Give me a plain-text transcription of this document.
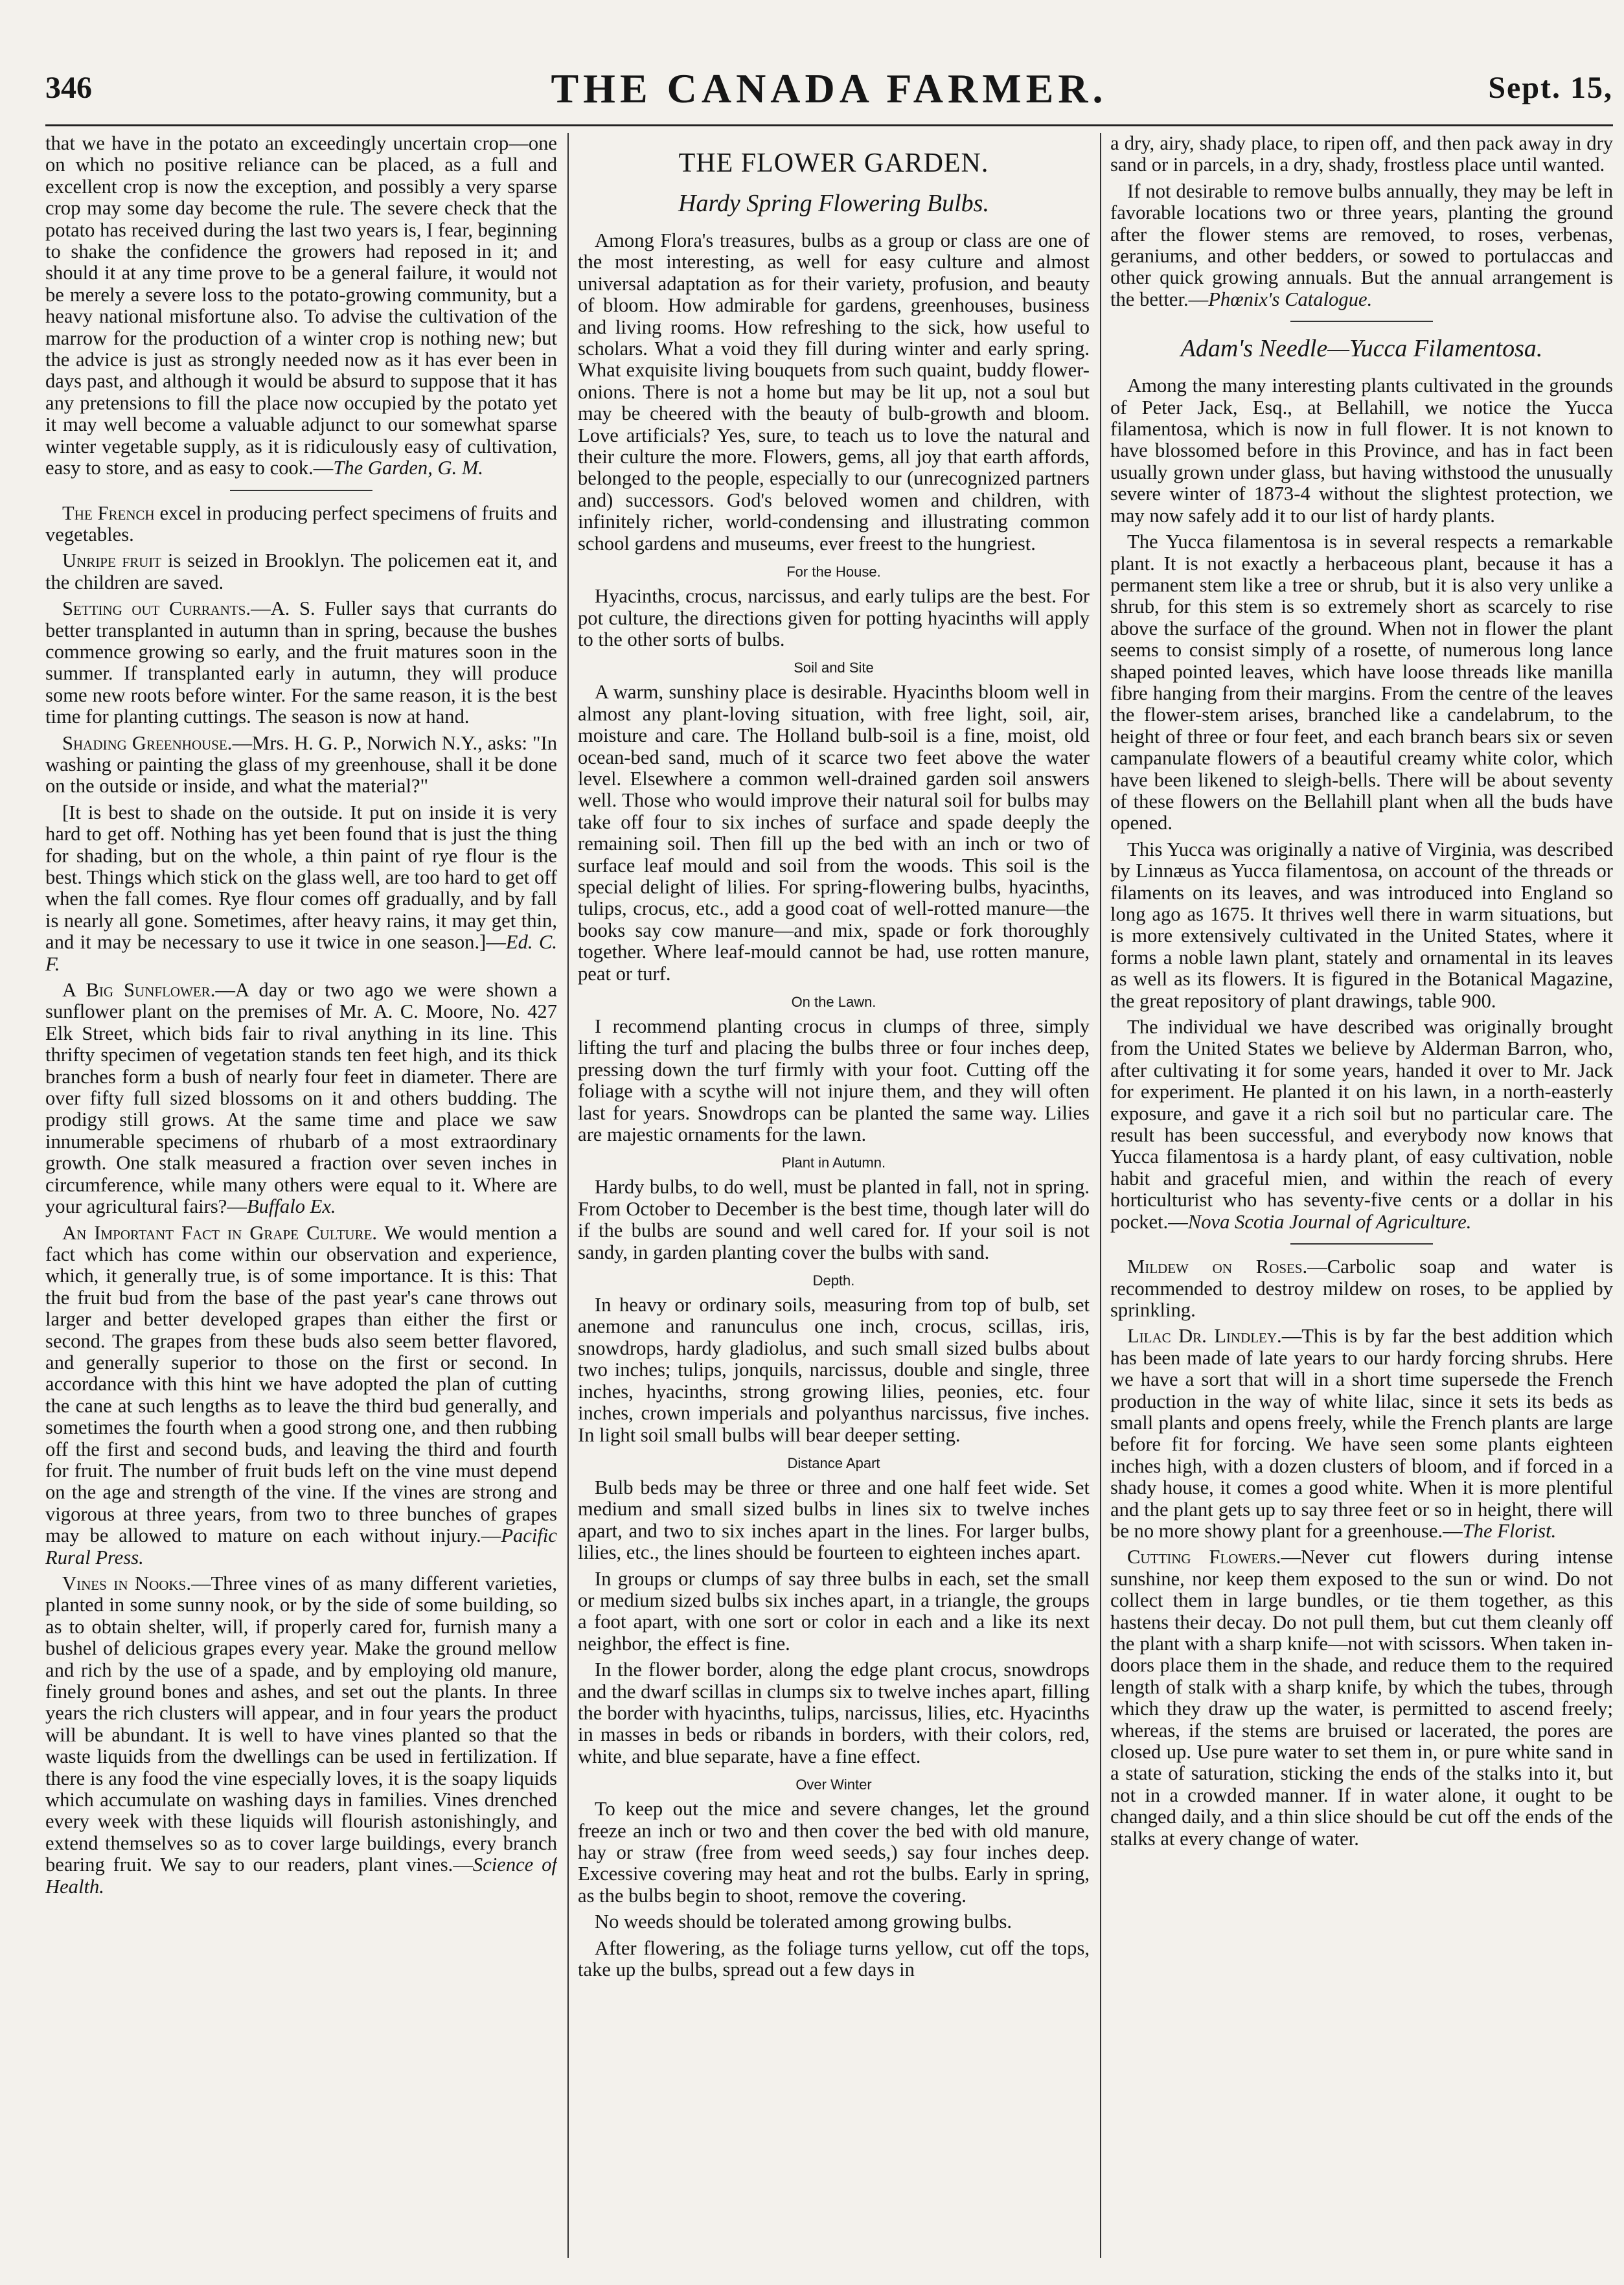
346	THE CANADA FARMER.	Sept. 15,

that we have in the potato an exceedingly uncertain crop—one on which no positive reliance can be placed, as a full and excellent crop is now the exception, and possibly a very sparse crop may some day become the rule. The severe check that the potato has received during the last two years is, I fear, beginning to shake the confidence the growers had reposed in it; and should it at any time prove to be a general failure, it would not be merely a severe loss to the potato-growing community, but a heavy national misfortune also. To advise the cultivation of the marrow for the production of a winter crop is nothing new; but the advice is just as strongly needed now as it has ever been in days past, and although it would be absurd to suppose that it has any pretensions to fill the place now occupied by the potato yet it may well become a valuable adjunct to our somewhat sparse winter vegetable supply, as it is ridiculously easy of cultivation, easy to store, and as easy to cook.—The Garden, G. M.

The French excel in producing perfect specimens of fruits and vegetables.

Unripe fruit is seized in Brooklyn. The policemen eat it, and the children are saved.

Setting out Currants.—A. S. Fuller says that currants do better transplanted in autumn than in spring, because the bushes commence growing so early, and the fruit matures soon in the summer. If transplanted early in autumn, they will produce some new roots before winter. For the same reason, it is the best time for planting cuttings. The season is now at hand.

Shading Greenhouse.—Mrs. H. G. P., Norwich N.Y., asks: "In washing or painting the glass of my greenhouse, shall it be done on the outside or inside, and what the material?"

[It is best to shade on the outside. It put on inside it is very hard to get off. Nothing has yet been found that is just the thing for shading, but on the whole, a thin paint of rye flour is the best. Things which stick on the glass well, are too hard to get off when the fall comes. Rye flour comes off gradually, and by fall is nearly all gone. Sometimes, after heavy rains, it may get thin, and it may be necessary to use it twice in one season.]—Ed. C. F.

A Big Sunflower.—A day or two ago we were shown a sunflower plant on the premises of Mr. A. C. Moore, No. 427 Elk Street, which bids fair to rival anything in its line. This thrifty specimen of vegetation stands ten feet high, and its thick branches form a bush of nearly four feet in diameter. There are over fifty full sized blossoms on it and others budding. The prodigy still grows. At the same time and place we saw innumerable specimens of rhubarb of a most extraordinary growth. One stalk measured a fraction over seven inches in circumference, while many others were equal to it. Where are your agricultural fairs?—Buffalo Ex.

An Important Fact in Grape Culture. We would mention a fact which has come within our observation and experience, which, it generally true, is of some importance. It is this: That the fruit bud from the base of the past year's cane throws out larger and better developed grapes than either the first or second. The grapes from these buds also seem better flavored, and generally superior to those on the first or second. In accordance with this hint we have adopted the plan of cutting the cane at such lengths as to leave the third bud generally, and sometimes the fourth when a good strong one, and then rubbing off the first and second buds, and leaving the third and fourth for fruit. The number of fruit buds left on the vine must depend on the age and strength of the vine. If the vines are strong and vigorous at three years, from two to three bunches of grapes may be allowed to mature on each without injury.—Pacific Rural Press.

Vines in Nooks.—Three vines of as many different varieties, planted in some sunny nook, or by the side of some building, so as to obtain shelter, will, if properly cared for, furnish many a bushel of delicious grapes every year. Make the ground mellow and rich by the use of a spade, and by employing old manure, finely ground bones and ashes, and set out the plants. In three years the rich clusters will appear, and in four years the product will be abundant. It is well to have vines planted so that the waste liquids from the dwellings can be used in fertilization. If there is any food the vine especially loves, it is the soapy liquids which accumulate on washing days in families. Vines drenched every week with these liquids will flourish astonishingly, and extend themselves so as to cover large buildings, every branch bearing fruit. We say to our readers, plant vines.—Science of Health.

THE FLOWER GARDEN.
Hardy Spring Flowering Bulbs.

Among Flora's treasures, bulbs as a group or class are one of the most interesting, as well for easy culture and almost universal adaptation as for their variety, profusion, and beauty of bloom. How admirable for gardens, greenhouses, business and living rooms. How refreshing to the sick, how useful to scholars. What a void they fill during winter and early spring. What exquisite living bouquets from such quaint, buddy flower-onions. There is not a home but may be lit up, not a soul but may be cheered with the beauty of bulb-growth and bloom. Love artificials? Yes, sure, to teach us to love the natural and their culture the more. Flowers, gems, all joy that earth affords, belonged to the people, especially to our (unrecognized partners and) successors. God's beloved women and children, with infinitely richer, world-condensing and illustrating common school gardens and museums, ever freest to the hungriest.

For the House.

Hyacinths, crocus, narcissus, and early tulips are the best. For pot culture, the directions given for potting hyacinths will apply to the other sorts of bulbs.

Soil and Site

A warm, sunshiny place is desirable. Hyacinths bloom well in almost any plant-loving situation, with free light, soil, air, moisture and care. The Holland bulb-soil is a fine, moist, old ocean-bed sand, much of it scarce two feet above the water level. Elsewhere a common well-drained garden soil answers well. Those who would improve their natural soil for bulbs may take off four to six inches of surface and spade deeply the remaining soil. Then fill up the bed with an inch or two of surface leaf mould and soil from the woods. This soil is the special delight of lilies. For spring-flowering bulbs, hyacinths, tulips, crocus, etc., add a good coat of well-rotted manure—the books say cow manure—and mix, spade or fork thoroughly together. Where leaf-mould cannot be had, use rotten manure, peat or turf.

On the Lawn.

I recommend planting crocus in clumps of three, simply lifting the turf and placing the bulbs three or four inches deep, pressing down the turf firmly with your foot. Cutting off the foliage with a scythe will not injure them, and they will often last for years. Snowdrops can be planted the same way. Lilies are majestic ornaments for the lawn.

Plant in Autumn.

Hardy bulbs, to do well, must be planted in fall, not in spring. From October to December is the best time, though later will do if the bulbs are sound and well cared for. If your soil is not sandy, in garden planting cover the bulbs with sand.

Depth.

In heavy or ordinary soils, measuring from top of bulb, set anemone and ranunculus one inch, crocus, scillas, iris, snowdrops, hardy gladiolus, and such small sized bulbs about two inches; tulips, jonquils, narcissus, double and single, three inches, hyacinths, strong growing lilies, peonies, etc. four inches, crown imperials and polyanthus narcissus, five inches. In light soil small bulbs will bear deeper setting.

Distance Apart

Bulb beds may be three or three and one half feet wide. Set medium and small sized bulbs in lines six to twelve inches apart, and two to six inches apart in the lines. For larger bulbs, lilies, etc., the lines should be fourteen to eighteen inches apart.

In groups or clumps of say three bulbs in each, set the small or medium sized bulbs six inches apart, in a triangle, the groups a foot apart, with one sort or color in each and a like its next neighbor, the effect is fine.

In the flower border, along the edge plant crocus, snowdrops and the dwarf scillas in clumps six to twelve inches apart, filling the border with hyacinths, tulips, narcissus, lilies, etc. Hyacinths in masses in beds or ribands in borders, with their colors, red, white, and blue separate, have a fine effect.

Over Winter

To keep out the mice and severe changes, let the ground freeze an inch or two and then cover the bed with old manure, hay or straw (free from weed seeds,) say four inches deep. Excessive covering may heat and rot the bulbs. Early in spring, as the bulbs begin to shoot, remove the covering.

No weeds should be tolerated among growing bulbs.

After flowering, as the foliage turns yellow, cut off the tops, take up the bulbs, spread out a few days in

a dry, airy, shady place, to ripen off, and then pack away in dry sand or in parcels, in a dry, shady, frostless place until wanted.

If not desirable to remove bulbs annually, they may be left in favorable locations two or three years, planting the ground after the flower stems are removed, to roses, verbenas, geraniums, and other bedders, or sowed to portulaccas and other quick growing annuals. But the annual arrangement is the better.—Phœnix's Catalogue.

Adam's Needle—Yucca Filamentosa.

Among the many interesting plants cultivated in the grounds of Peter Jack, Esq., at Bellahill, we notice the Yucca filamentosa, which is now in full flower. It is not known to have blossomed before in this Province, and has in fact been usually grown under glass, but having withstood the unusually severe winter of 1873-4 without the slightest protection, we may now safely add it to our list of hardy plants.

The Yucca filamentosa is in several respects a remarkable plant. It is not exactly a herbaceous plant, because it has a permanent stem like a tree or shrub, but it is also very unlike a shrub, for this stem is so extremely short as scarcely to rise above the surface of the ground. When not in flower the plant seems to consist simply of a rosette, of numerous long lance shaped pointed leaves, which have loose threads like manilla fibre hanging from their margins. From the centre of the leaves the flower-stem arises, branched like a candelabrum, to the height of three or four feet, and each branch bears six or seven campanulate flowers of a beautiful creamy white color, which have been likened to sleigh-bells. There will be about seventy of these flowers on the Bellahill plant when all the buds have opened.

This Yucca was originally a native of Virginia, was described by Linnæus as Yucca filamentosa, on account of the threads or filaments on its leaves, and was introduced into England so long ago as 1675. It thrives well there in warm situations, but is more extensively cultivated in the United States, where it forms a noble lawn plant, stately and ornamental in its leaves as well as its flowers. It is figured in the Botanical Magazine, the great repository of plant drawings, table 900.

The individual we have described was originally brought from the United States we believe by Alderman Barron, who, after cultivating it for some years, handed it over to Mr. Jack for experiment. He planted it on his lawn, in a north-easterly exposure, and gave it a rich soil but no particular care. The result has been successful, and everybody now knows that Yucca filamentosa is a hardy plant, of easy cultivation, noble habit and graceful mien, and within the reach of every horticulturist who has seventy-five cents or a dollar in his pocket.—Nova Scotia Journal of Agriculture.

Mildew on Roses.—Carbolic soap and water is recommended to destroy mildew on roses, to be applied by sprinkling.

Lilac Dr. Lindley.—This is by far the best addition which has been made of late years to our hardy forcing shrubs. Here we have a sort that will in a short time supersede the French production in the way of white lilac, since it sets its beds as small plants and opens freely, while the French plants are large before fit for forcing. We have seen some plants eighteen inches high, with a dozen clusters of bloom, and if forced in a shady house, it comes a good white. When it is more plentiful and the plant gets up to say three feet or so in height, there will be no more showy plant for a greenhouse.—The Florist.

Cutting Flowers.—Never cut flowers during intense sunshine, nor keep them exposed to the sun or wind. Do not collect them in large bundles, or tie them together, as this hastens their decay. Do not pull them, but cut them cleanly off the plant with a sharp knife—not with scissors. When taken in-doors place them in the shade, and reduce them to the required length of stalk with a sharp knife, by which the tubes, through which they draw up the water, is permitted to ascend freely; whereas, if the stems are bruised or lacerated, the pores are closed up. Use pure water to set them in, or pure white sand in a state of saturation, sticking the ends of the stalks into it, but not in a crowded manner. If in water alone, it ought to be changed daily, and a thin slice should be cut off the ends of the stalks at every change of water.
